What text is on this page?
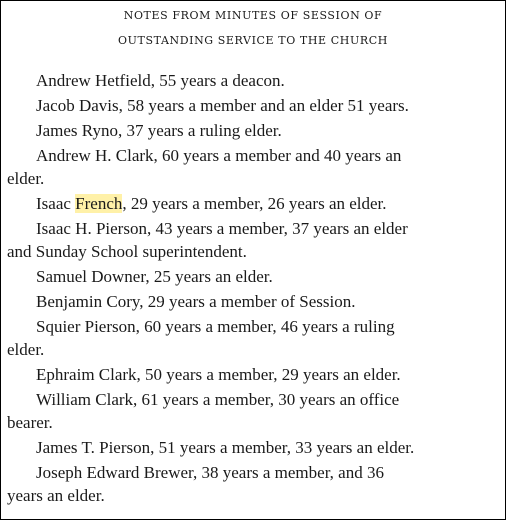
NOTES FROM MINUTES OF SESSION OF
OUTSTANDING SERVICE TO THE CHURCH
Andrew Hetfield, 55 years a deacon.
Jacob Davis, 58 years a member and an elder 51 years.
James Ryno, 37 years a ruling elder.
Andrew H. Clark, 60 years a member and 40 years an
elder.
Isaac French, 29 years a member, 26 years an elder.
Isaac H. Pierson, 43 years a member, 37 years an elder
and Sunday School superintendent.
Samuel Downer, 25 years an elder.
Benjamin Cory, 29 years a member of Session.
Squier Pierson, 60 years a member, 46 years a ruling
elder.
Ephraim Clark, 50 years a member, 29 years an elder.
William Clark, 61 years a member, 30 years an office
bearer.
James T. Pierson, 51 years a member, 33 years an elder.
Joseph Edward Brewer, 38 years a member, and 36
years an elder.
